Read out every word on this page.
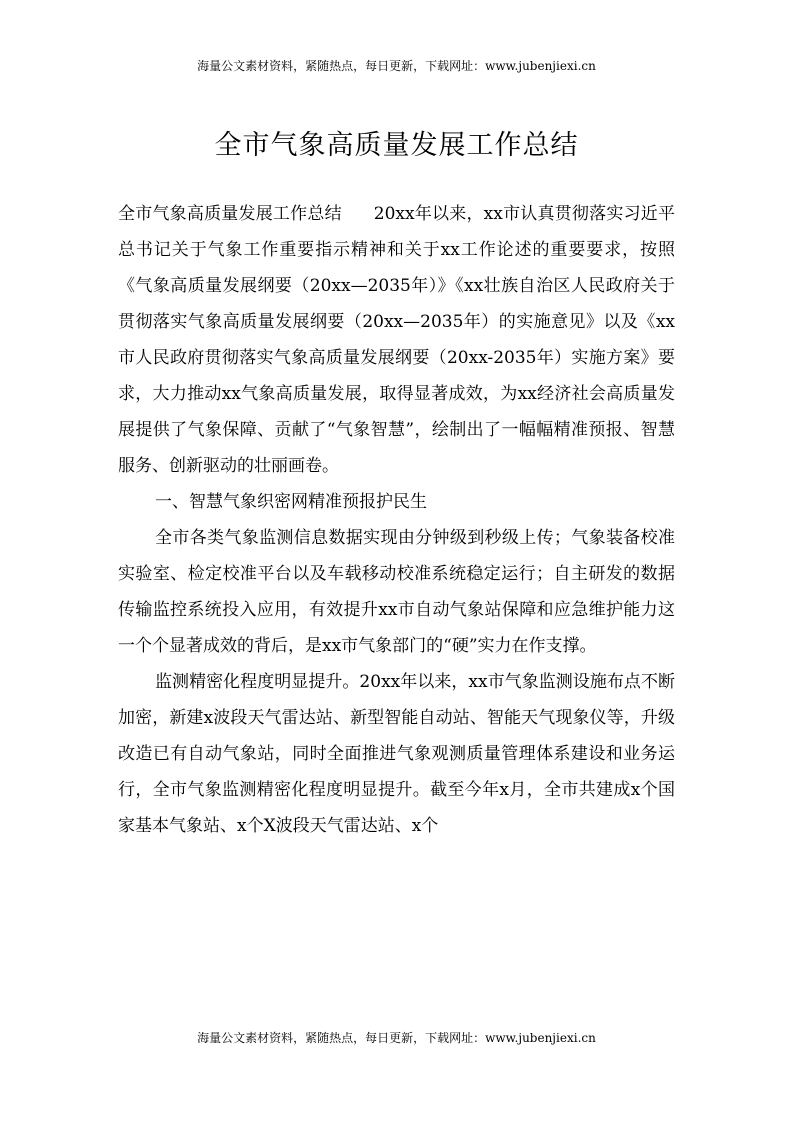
海量公文素材资料，紧随热点，每日更新，下载网址：www.jubenjiexi.cn
全市气象高质量发展工作总结

全市气象高质量发展工作总结 20xx年以来，xx市认真贯彻落实习近平总书记关于气象工作重要指示精神和关于xx工作论述的重要要求，按照《气象高质量发展纲要（20xx—2035年）》《xx壮族自治区人民政府关于贯彻落实气象高质量发展纲要（20xx—2035年）的实施意见》以及《xx市人民政府贯彻落实气象高质量发展纲要（20xx-2035年）实施方案》要求，大力推动xx气象高质量发展，取得显著成效，为xx经济社会高质量发展提供了气象保障、贡献了“气象智慧”，绘制出了一幅幅精准预报、智慧服务、创新驱动的壮丽画卷。

一、智慧气象织密网精准预报护民生

全市各类气象监测信息数据实现由分钟级到秒级上传；气象装备校准实验室、检定校准平台以及车载移动校准系统稳定运行；自主研发的数据传输监控系统投入应用，有效提升xx市自动气象站保障和应急维护能力这一个个显著成效的背后，是xx市气象部门的“硬”实力在作支撑。

监测精密化程度明显提升。20xx年以来，xx市气象监测设施布点不断加密，新建x波段天气雷达站、新型智能自动站、智能天气现象仪等，升级改造已有自动气象站，同时全面推进气象观测质量管理体系建设和业务运行，全市气象监测精密化程度明显提升。截至今年x月，全市共建成x个国家基本气象站、x个X波段天气雷达站、x个

海量公文素材资料，紧随热点，每日更新，下载网址：www.jubenjiexi.cn
